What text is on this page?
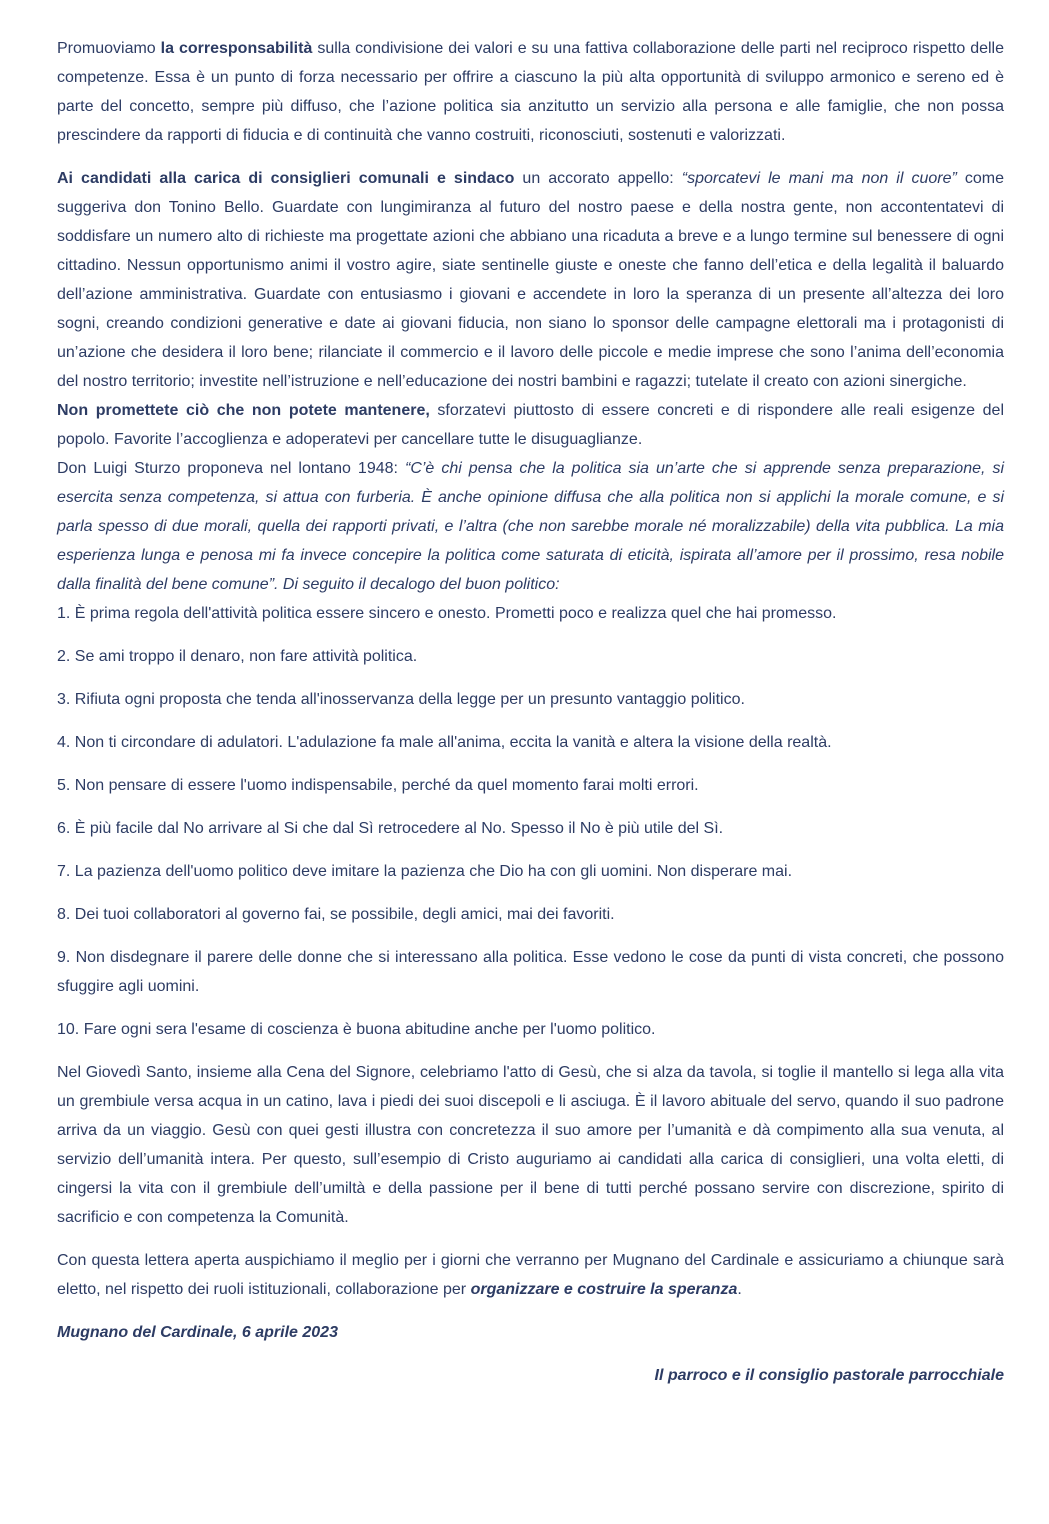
Promuoviamo la corresponsabilità sulla condivisione dei valori e su una fattiva collaborazione delle parti nel reciproco rispetto delle competenze. Essa è un punto di forza necessario per offrire a ciascuno la più alta opportunità di sviluppo armonico e sereno ed è parte del concetto, sempre più diffuso, che l’azione politica sia anzitutto un servizio alla persona e alle famiglie, che non possa prescindere da rapporti di fiducia e di continuità che vanno costruiti, riconosciuti, sostenuti e valorizzati.

Ai candidati alla carica di consiglieri comunali e sindaco un accorato appello: “sporcatevi le mani ma non il cuore” come suggeriva don Tonino Bello. Guardate con lungimiranza al futuro del nostro paese e della nostra gente, non accontentatevi di soddisfare un numero alto di richieste ma progettate azioni che abbiano una ricaduta a breve e a lungo termine sul benessere di ogni cittadino. Nessun opportunismo animi il vostro agire, siate sentinelle giuste e oneste che fanno dell’etica e della legalità il baluardo dell’azione amministrativa. Guardate con entusiasmo i giovani e accendete in loro la speranza di un presente all’altezza dei loro sogni, creando condizioni generative e date ai giovani fiducia, non siano lo sponsor delle campagne elettorali ma i protagonisti di un’azione che desidera il loro bene; rilanciate il commercio e il lavoro delle piccole e medie imprese che sono l’anima dell’economia del nostro territorio; investite nell’istruzione e nell’educazione dei nostri bambini e ragazzi; tutelate il creato con azioni sinergiche.

Non promettete ciò che non potete mantenere, sforzatevi piuttosto di essere concreti e di rispondere alle reali esigenze del popolo. Favorite l’accoglienza e adoperatevi per cancellare tutte le disuguaglianze.

Don Luigi Sturzo proponeva nel lontano 1948: “C’è chi pensa che la politica sia un’arte che si apprende senza preparazione, si esercita senza competenza, si attua con furberia. È anche opinione diffusa che alla politica non si applichi la morale comune, e si parla spesso di due morali, quella dei rapporti privati, e l’altra (che non sarebbe morale né moralizzabile) della vita pubblica. La mia esperienza lunga e penosa mi fa invece concepire la politica come saturata di eticità, ispirata all’amore per il prossimo, resa nobile dalla finalità del bene comune”. Di seguito il decalogo del buon politico:

1. È prima regola dell'attività politica essere sincero e onesto. Prometti poco e realizza quel che hai promesso.

2. Se ami troppo il denaro, non fare attività politica.

3. Rifiuta ogni proposta che tenda all'inosservanza della legge per un presunto vantaggio politico.

4. Non ti circondare di adulatori. L'adulazione fa male all'anima, eccita la vanità e altera la visione della realtà.

5. Non pensare di essere l'uomo indispensabile, perché da quel momento farai molti errori.

6. È più facile dal No arrivare al Si che dal Sì retrocedere al No. Spesso il No è più utile del Sì.

7. La pazienza dell'uomo politico deve imitare la pazienza che Dio ha con gli uomini. Non disperare mai.

8. Dei tuoi collaboratori al governo fai, se possibile, degli amici, mai dei favoriti.

9. Non disdegnare il parere delle donne che si interessano alla politica. Esse vedono le cose da punti di vista concreti, che possono sfuggire agli uomini.

10. Fare ogni sera l'esame di coscienza è buona abitudine anche per l'uomo politico.

Nel Giovedì Santo, insieme alla Cena del Signore, celebriamo l'atto di Gesù, che si alza da tavola, si toglie il mantello si lega alla vita un grembiule versa acqua in un catino, lava i piedi dei suoi discepoli e li asciuga. È il lavoro abituale del servo, quando il suo padrone arriva da un viaggio. Gesù con quei gesti illustra con concretezza il suo amore per l’umanità e dà compimento alla sua venuta, al servizio dell’umanità intera. Per questo, sull’esempio di Cristo auguriamo ai candidati alla carica di consiglieri, una volta eletti, di cingersi la vita con il grembiule dell’umiltà e della passione per il bene di tutti perché possano servire con discrezione, spirito di sacrificio e con competenza la Comunità.

Con questa lettera aperta auspichiamo il meglio per i giorni che verranno per Mugnano del Cardinale e assicuriamo a chiunque sarà eletto, nel rispetto dei ruoli istituzionali, collaborazione per organizzare e costruire la speranza.

Mugnano del Cardinale, 6 aprile 2023

Il parroco e il consiglio pastorale parrocchiale
